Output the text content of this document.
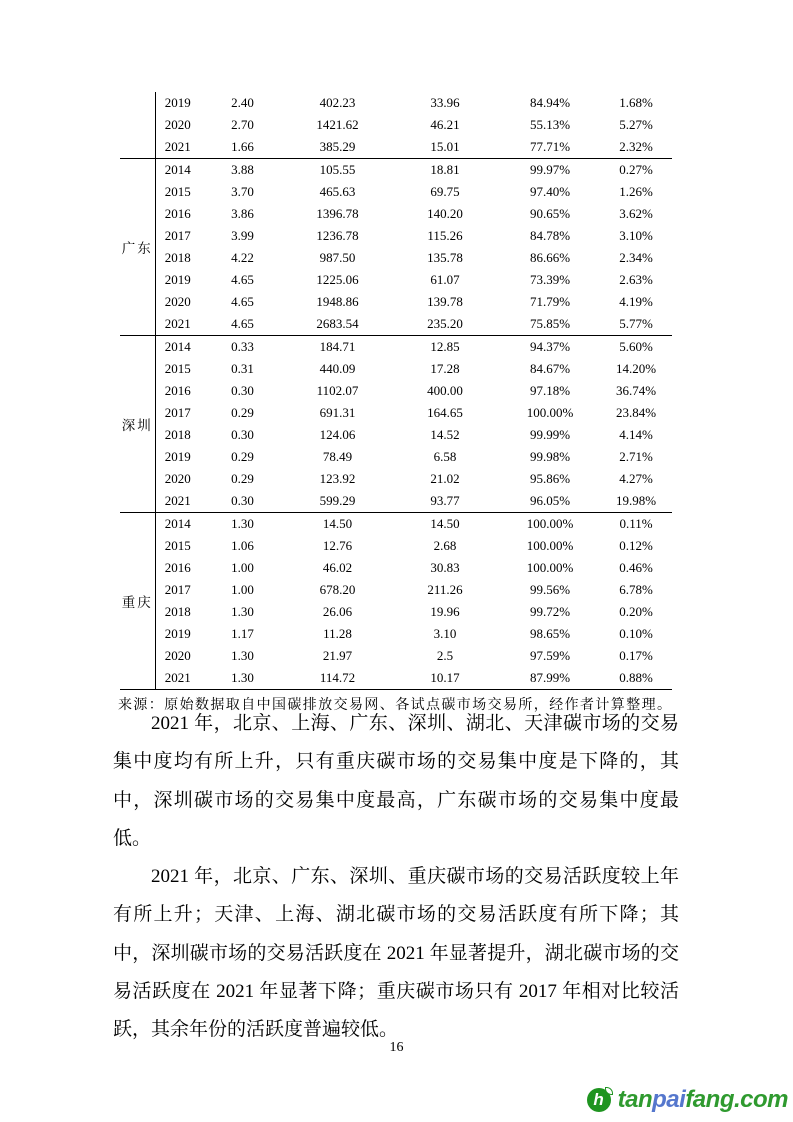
	2019	2.40	402.23	33.96	84.94%	1.68%
	2020	2.70	1421.62	46.21	55.13%	5.27%
	2021	1.66	385.29	15.01	77.71%	2.32%
广东	2014	3.88	105.55	18.81	99.97%	0.27%
	2015	3.70	465.63	69.75	97.40%	1.26%
	2016	3.86	1396.78	140.20	90.65%	3.62%
	2017	3.99	1236.78	115.26	84.78%	3.10%
	2018	4.22	987.50	135.78	86.66%	2.34%
	2019	4.65	1225.06	61.07	73.39%	2.63%
	2020	4.65	1948.86	139.78	71.79%	4.19%
	2021	4.65	2683.54	235.20	75.85%	5.77%
深圳	2014	0.33	184.71	12.85	94.37%	5.60%
	2015	0.31	440.09	17.28	84.67%	14.20%
	2016	0.30	1102.07	400.00	97.18%	36.74%
	2017	0.29	691.31	164.65	100.00%	23.84%
	2018	0.30	124.06	14.52	99.99%	4.14%
	2019	0.29	78.49	6.58	99.98%	2.71%
	2020	0.29	123.92	21.02	95.86%	4.27%
	2021	0.30	599.29	93.77	96.05%	19.98%
重庆	2014	1.30	14.50	14.50	100.00%	0.11%
	2015	1.06	12.76	2.68	100.00%	0.12%
	2016	1.00	46.02	30.83	100.00%	0.46%
	2017	1.00	678.20	211.26	99.56%	6.78%
	2018	1.30	26.06	19.96	99.72%	0.20%
	2019	1.17	11.28	3.10	98.65%	0.10%
	2020	1.30	21.97	2.5	97.59%	0.17%
	2021	1.30	114.72	10.17	87.99%	0.88%
来源：原始数据取自中国碳排放交易网、各试点碳市场交易所，经作者计算整理。

2021 年，北京、上海、广东、深圳、湖北、天津碳市场的交易集中度均有所上升，只有重庆碳市场的交易集中度是下降的，其中，深圳碳市场的交易集中度最高，广东碳市场的交易集中度最低。

2021 年，北京、广东、深圳、重庆碳市场的交易活跃度较上年有所上升；天津、上海、湖北碳市场的交易活跃度有所下降；其中，深圳碳市场的交易活跃度在 2021 年显著提升，湖北碳市场的交易活跃度在 2021 年显著下降；重庆碳市场只有 2017 年相对比较活跃，其余年份的活跃度普遍较低。

16
h tanpaifang.com
